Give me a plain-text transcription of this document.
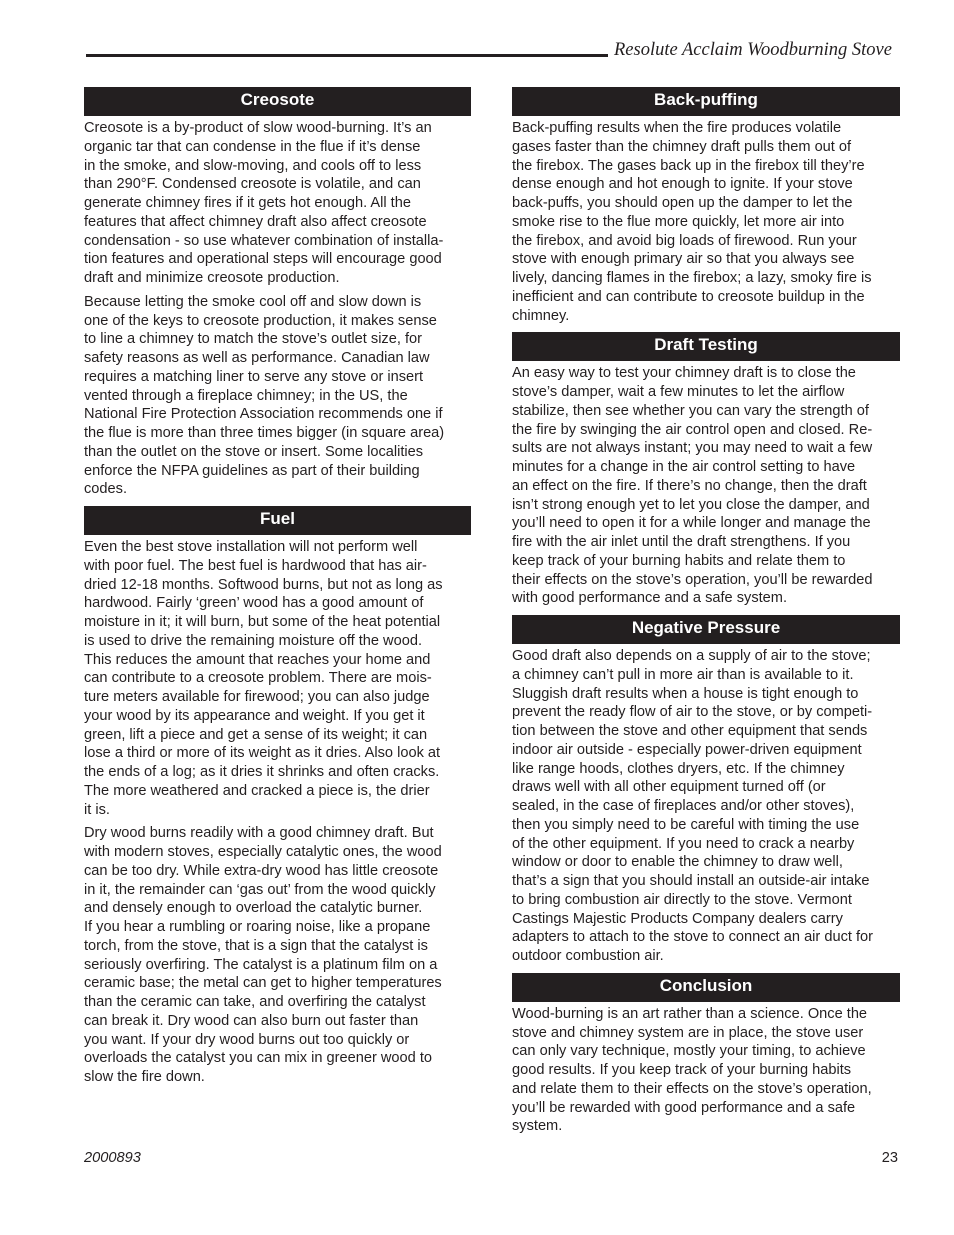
Resolute Acclaim Woodburning Stove
Creosote
Creosote is a by-product of slow wood-burning. It’s an
organic tar that can condense in the flue if it’s dense
in the smoke, and slow-moving, and cools off to less
than 290°F. Condensed creosote is volatile, and can
generate chimney fires if it gets hot enough. All the
features that affect chimney draft also affect creosote
condensation - so use whatever combination of installa-
tion features and operational steps will encourage good
draft and minimize creosote production.
Because letting the smoke cool off and slow down is
one of the keys to creosote production, it makes sense
to line a chimney to match the stove’s outlet size, for
safety reasons as well as performance. Canadian law
requires a matching liner to serve any stove or insert
vented through a fireplace chimney; in the US, the
National Fire Protection Association recommends one if
the flue is more than three times bigger (in square area)
than the outlet on the stove or insert. Some localities
enforce the NFPA guidelines as part of their building
codes.
Fuel
Even the best stove installation will not perform well
with poor fuel. The best fuel is hardwood that has air-
dried 12-18 months. Softwood burns, but not as long as
hardwood. Fairly ‘green’ wood has a good amount of
moisture in it; it will burn, but some of the heat potential
is used to drive the remaining moisture off the wood.
This reduces the amount that reaches your home and
can contribute to a creosote problem. There are mois-
ture meters available for firewood; you can also judge
your wood by its appearance and weight. If you get it
green, lift a piece and get a sense of its weight; it can
lose a third or more of its weight as it dries. Also look at
the ends of a log; as it dries it shrinks and often cracks.
The more weathered and cracked a piece is, the drier
it is.
Dry wood burns readily with a good chimney draft. But
with modern stoves, especially catalytic ones, the wood
can be too dry. While extra-dry wood has little creosote
in it, the remainder can ‘gas out’ from the wood quickly
and densely enough to overload the catalytic burner.
If you hear a rumbling or roaring noise, like a propane
torch, from the stove, that is a sign that the catalyst is
seriously overfiring. The catalyst is a platinum film on a
ceramic base; the metal can get to higher temperatures
than the ceramic can take, and overfiring the catalyst
can break it. Dry wood can also burn out faster than
you want. If your dry wood burns out too quickly or
overloads the catalyst you can mix in greener wood to
slow the fire down.
Back-puffing
Back-puffing results when the fire produces volatile
gases faster than the chimney draft pulls them out of
the firebox. The gases back up in the firebox till they’re
dense enough and hot enough to ignite. If your stove
back-puffs, you should open up the damper to let the
smoke rise to the flue more quickly, let more air into
the firebox, and avoid big loads of firewood. Run your
stove with enough primary air so that you always see
lively, dancing flames in the firebox; a lazy, smoky fire is
inefficient and can contribute to creosote buildup in the
chimney.
Draft Testing
An easy way to test your chimney draft is to close the
stove’s damper, wait a few minutes to let the airflow
stabilize, then see whether you can vary the strength of
the fire by swinging the air control open and closed. Re-
sults are not always instant; you may need to wait a few
minutes for a change in the air control setting to have
an effect on the fire. If there’s no change, then the draft
isn’t strong enough yet to let you close the damper, and
you’ll need to open it for a while longer and manage the
fire with the air inlet until the draft strengthens. If you
keep track of your burning habits and relate them to
their effects on the stove’s operation, you’ll be rewarded
with good performance and a safe system.
Negative Pressure
Good draft also depends on a supply of air to the stove;
a chimney can’t pull in more air than is available to it.
Sluggish draft results when a house is tight enough to
prevent the ready flow of air to the stove, or by competi-
tion between the stove and other equipment that sends
indoor air outside - especially power-driven equipment
like range hoods, clothes dryers, etc. If the chimney
draws well with all other equipment turned off (or
sealed, in the case of fireplaces and/or other stoves),
then you simply need to be careful with timing the use
of the other equipment. If you need to crack a nearby
window or door to enable the chimney to draw well,
that’s a sign that you should install an outside-air intake
to bring combustion air directly to the stove. Vermont
Castings Majestic Products Company dealers carry
adapters to attach to the stove to connect an air duct for
outdoor combustion air.
Conclusion
Wood-burning is an art rather than a science. Once the
stove and chimney system are in place, the stove user
can only vary technique, mostly your timing, to achieve
good results. If you keep track of your burning habits
and relate them to their effects on the stove’s operation,
you’ll be rewarded with good performance and a safe
system.
2000893	23
